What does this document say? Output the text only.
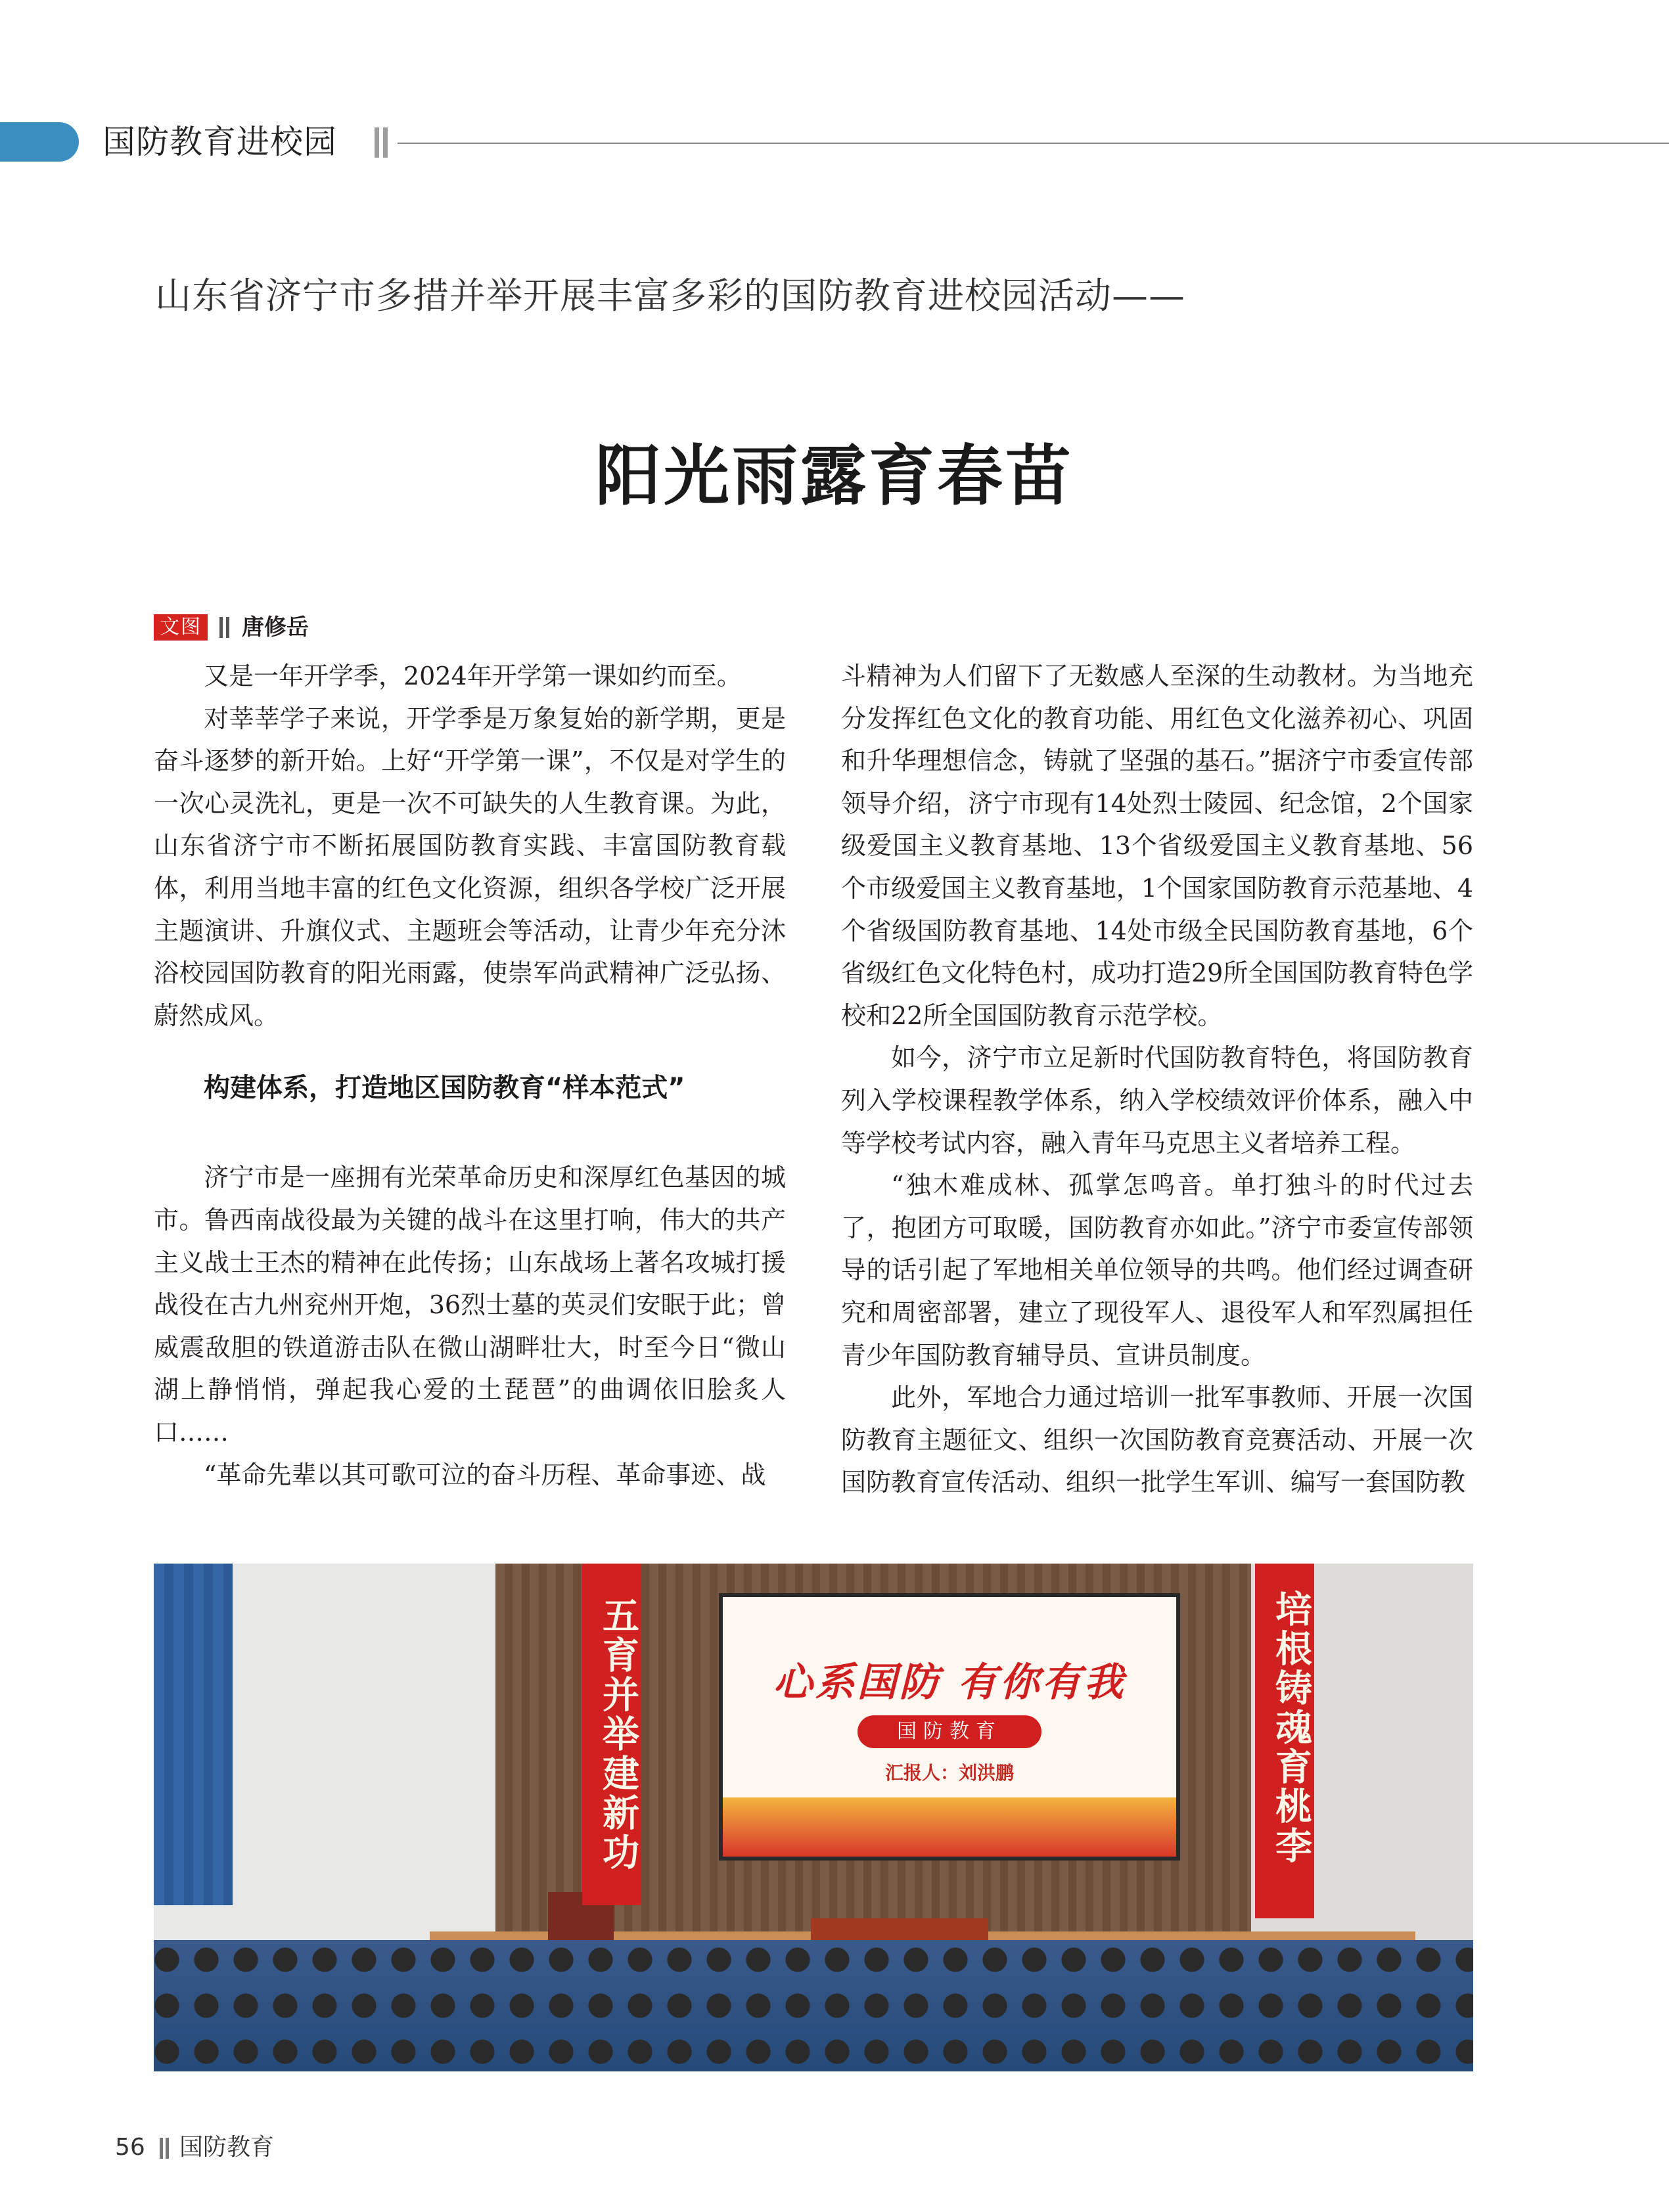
国防教育进校园
山东省济宁市多措并举开展丰富多彩的国防教育进校园活动——
阳光雨露育春苗
文图 唐修岳

又是一年开学季，2024年开学第一课如约而至。

对莘莘学子来说，开学季是万象复始的新学期，更是奋斗逐梦的新开始。上好“开学第一课”，不仅是对学生的一次心灵洗礼，更是一次不可缺失的人生教育课。为此，山东省济宁市不断拓展国防教育实践、丰富国防教育载体，利用当地丰富的红色文化资源，组织各学校广泛开展主题演讲、升旗仪式、主题班会等活动，让青少年充分沐浴校园国防教育的阳光雨露，使崇军尚武精神广泛弘扬、蔚然成风。

构建体系，打造地区国防教育“样本范式”

济宁市是一座拥有光荣革命历史和深厚红色基因的城市。鲁西南战役最为关键的战斗在这里打响，伟大的共产主义战士王杰的精神在此传扬；山东战场上著名攻城打援战役在古九州兖州开炮，36烈士墓的英灵们安眠于此；曾威震敌胆的铁道游击队在微山湖畔壮大，时至今日“微山湖上静悄悄，弹起我心爱的土琵琶”的曲调依旧脍炙人口……

“革命先辈以其可歌可泣的奋斗历程、革命事迹、战

斗精神为人们留下了无数感人至深的生动教材。为当地充分发挥红色文化的教育功能、用红色文化滋养初心、巩固和升华理想信念，铸就了坚强的基石。”据济宁市委宣传部领导介绍，济宁市现有14处烈士陵园、纪念馆，2个国家级爱国主义教育基地、13个省级爱国主义教育基地、56个市级爱国主义教育基地，1个国家国防教育示范基地、4个省级国防教育基地、14处市级全民国防教育基地，6个省级红色文化特色村，成功打造29所全国国防教育特色学校和22所全国国防教育示范学校。

如今，济宁市立足新时代国防教育特色，将国防教育列入学校课程教学体系，纳入学校绩效评价体系，融入中等学校考试内容，融入青年马克思主义者培养工程。

“独木难成林、孤掌怎鸣音。单打独斗的时代过去了，抱团方可取暖，国防教育亦如此。”济宁市委宣传部领导的话引起了军地相关单位领导的共鸣。他们经过调查研究和周密部署，建立了现役军人、退役军人和军烈属担任青少年国防教育辅导员、宣讲员制度。

此外，军地合力通过培训一批军事教师、开展一次国防教育主题征文、组织一次国防教育竞赛活动、开展一次国防教育宣传活动、组织一批学生军训、编写一套国防教

五育并举建新功	培根铸魂育桃李
心系国防 有你有我
国防教育
汇报人：刘洪鹏
56 国防教育
